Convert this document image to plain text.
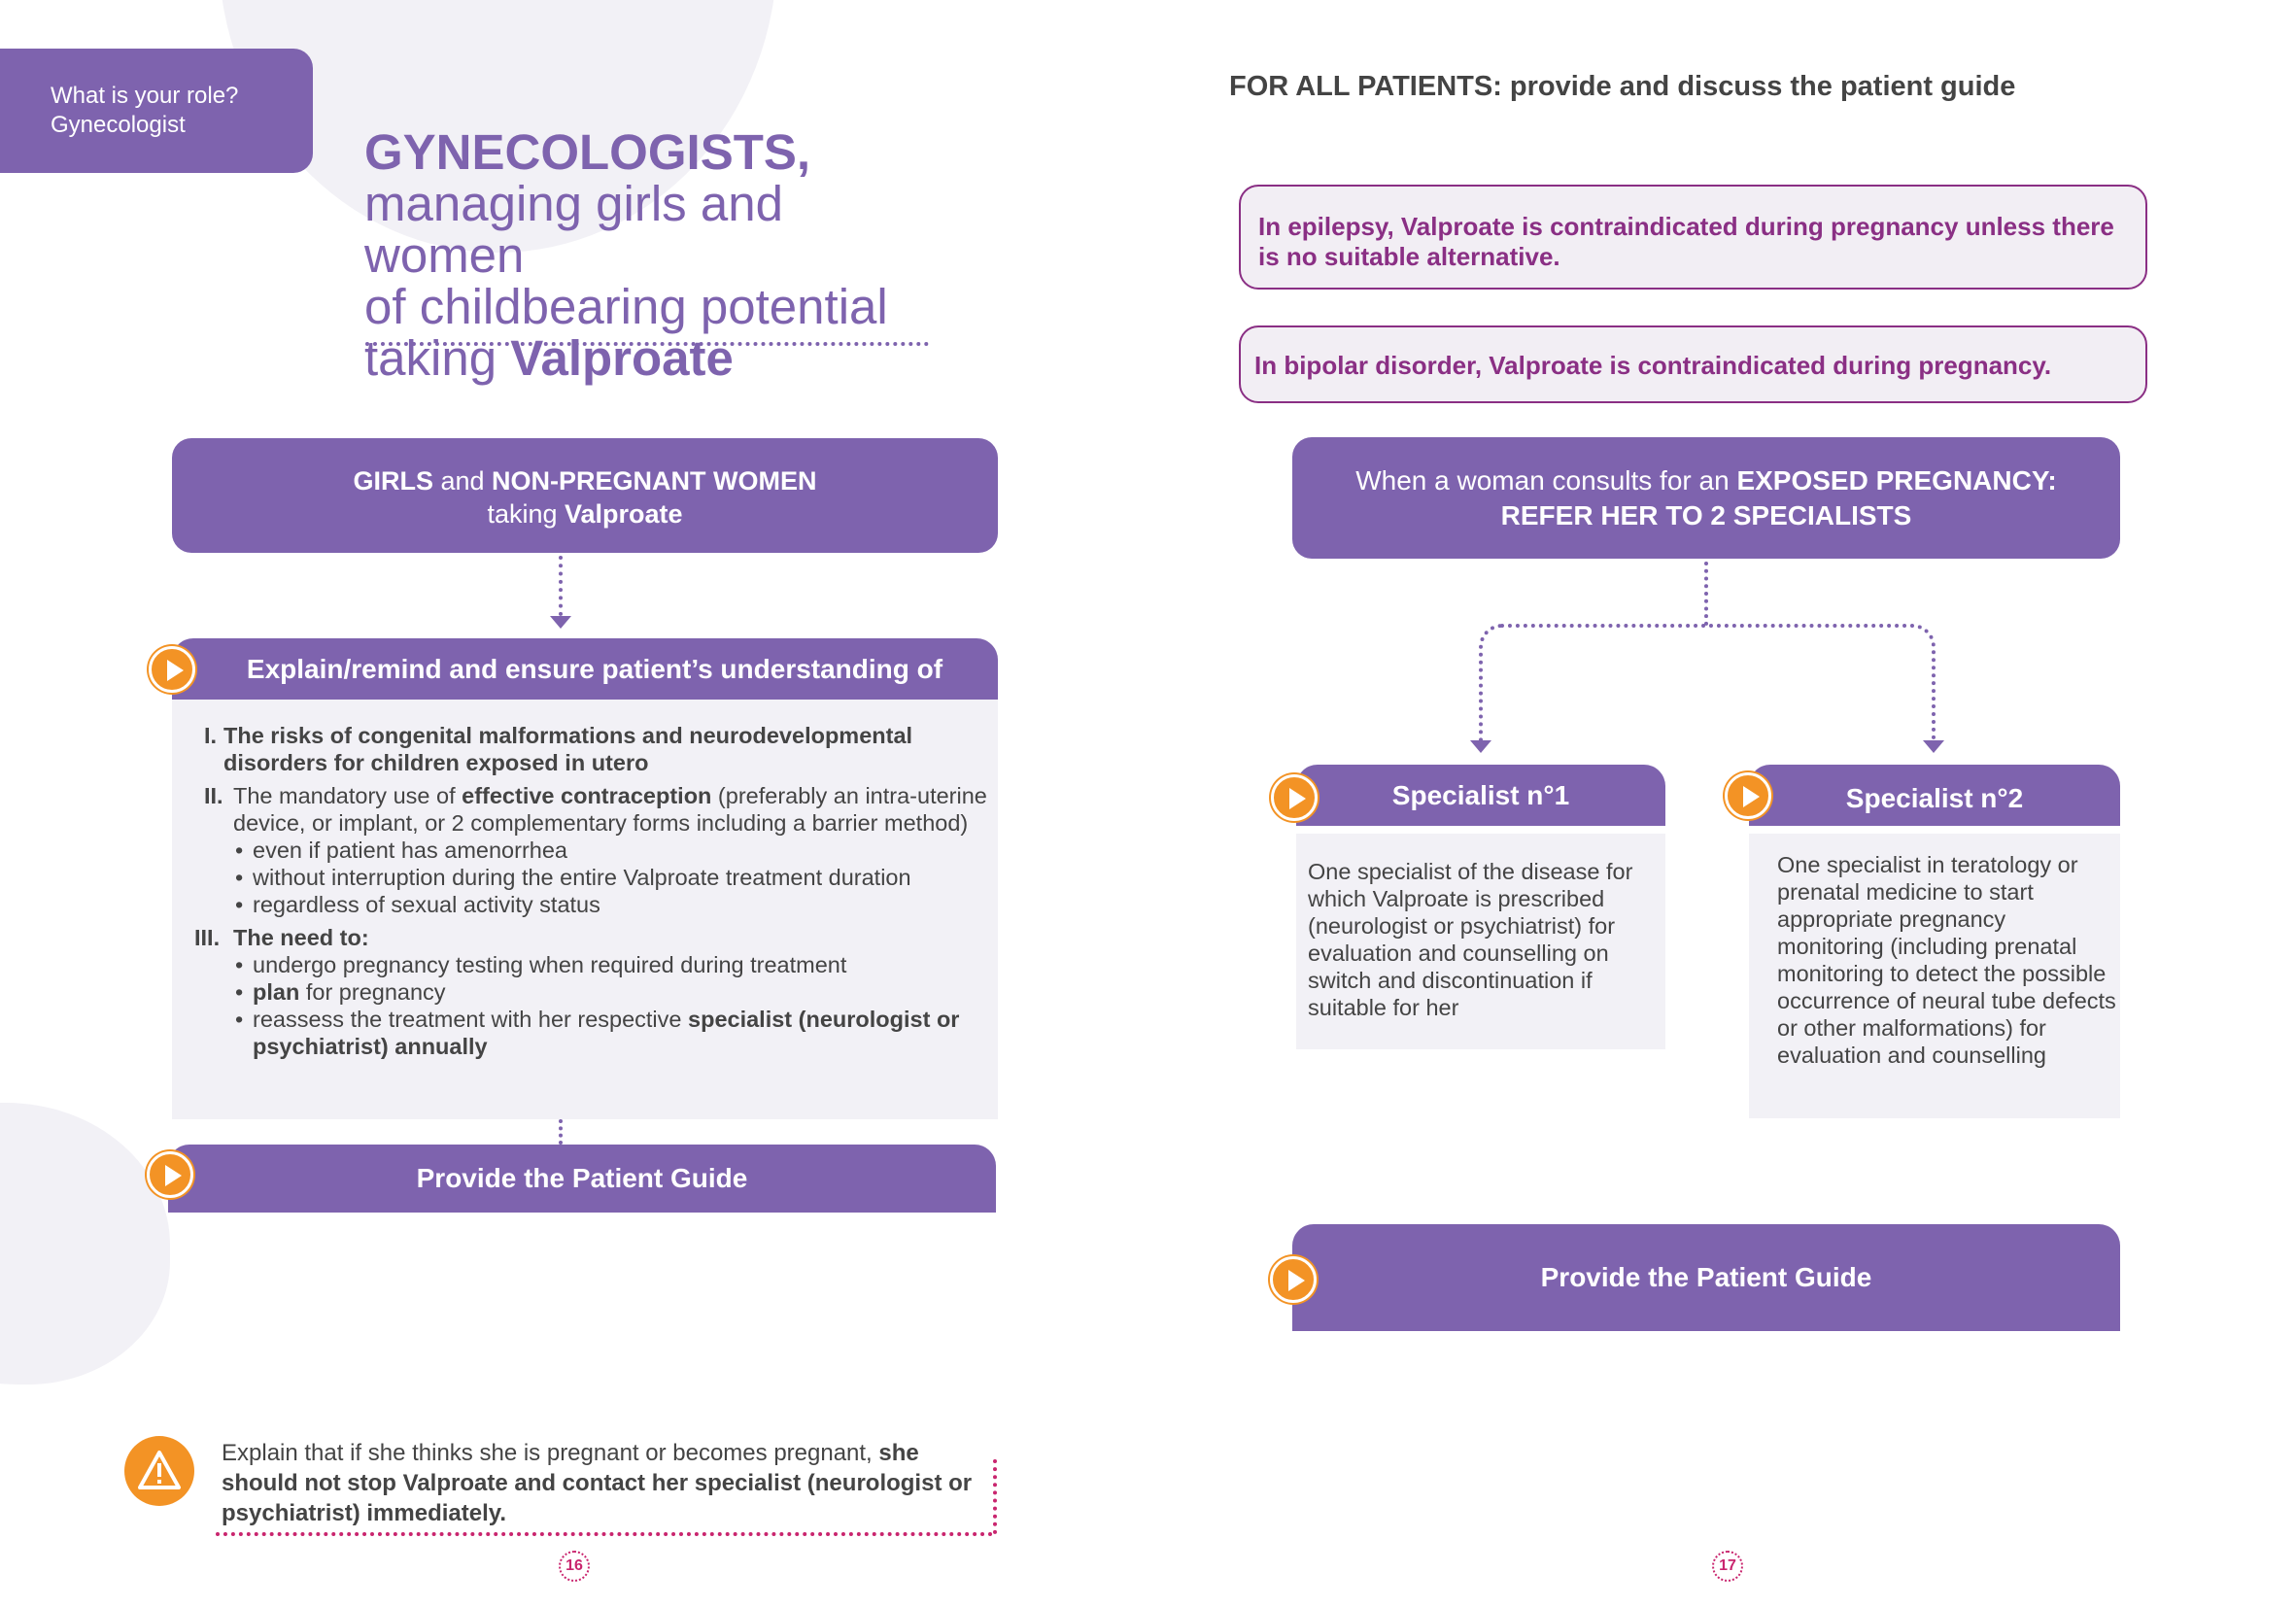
What is your role?
Gynecologist	GYNECOLOGISTS,
managing girls and women
of childbearing potential
taking Valproate
GIRLS and NON-PREGNANT WOMEN
taking Valproate
Explain/remind and ensure patient’s understanding of
I. The risks of congenital malformations and neurodevelopmental disorders for children exposed in utero
II. The mandatory use of effective contraception (preferably an intra-uterine device, or implant, or 2 complementary forms including a barrier method)
• even if patient has amenorrhea
• without interruption during the entire Valproate treatment duration
• regardless of sexual activity status
III. The need to:
• undergo pregnancy testing when required during treatment
• plan for pregnancy
• reassess the treatment with her respective specialist (neurologist or psychiatrist) annually
Provide the Patient Guide
Explain that if she thinks she is pregnant or becomes pregnant, she should not stop Valproate and contact her specialist (neurologist or psychiatrist) immediately.
16
FOR ALL PATIENTS: provide and discuss the patient guide
In epilepsy, Valproate is contraindicated during pregnancy unless there is no suitable alternative.
In bipolar disorder, Valproate is contraindicated during pregnancy.
When a woman consults for an EXPOSED PREGNANCY:
REFER HER TO 2 SPECIALISTS
Specialist n°1
One specialist of the disease for which Valproate is prescribed (neurologist or psychiatrist) for evaluation and counselling on switch and discontinuation if suitable for her
Specialist n°2
One specialist in teratology or prenatal medicine to start appropriate pregnancy monitoring (including prenatal monitoring to detect the possible occurrence of neural tube defects or other malformations) for evaluation and counselling
Provide the Patient Guide
17
